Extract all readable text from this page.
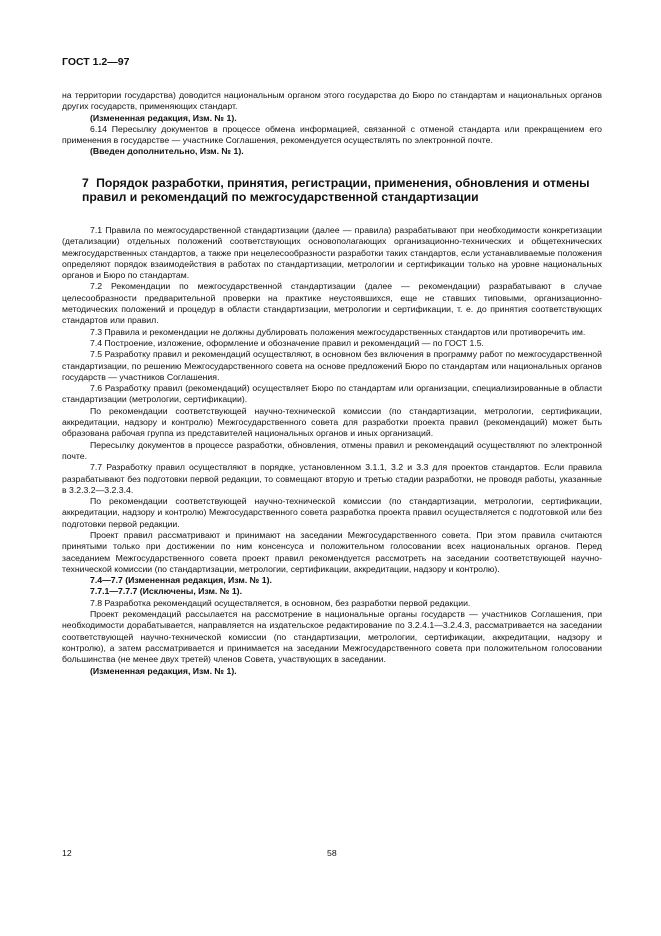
ГОСТ 1.2—97

на территории государства) доводится национальным органом этого государства до Бюро по стандартам и национальных органов других государств, применяющих стандарт.

(Измененная редакция, Изм. № 1).

6.14 Пересылку документов в процессе обмена информацией, связанной с отменой стандарта или прекращением его применения в государстве — участнике Соглашения, рекомендуется осуществлять по электронной почте.

(Введен дополнительно, Изм. № 1).

7 Порядок разработки, принятия, регистрации, применения, обновления и отмены правил и рекомендаций по межгосударственной стандартизации

7.1 Правила по межгосударственной стандартизации (далее — правила) разрабатывают при необходимости конкретизации (детализации) отдельных положений соответствующих основополагающих организационно-технических и общетехнических межгосударственных стандартов, а также при нецелесообразности разработки таких стандартов, если устанавливаемые положения определяют порядок взаимодействия в работах по стандартизации, метрологии и сертификации только на уровне национальных органов и Бюро по стандартам.

7.2 Рекомендации по межгосударственной стандартизации (далее — рекомендации) разрабатывают в случае целесообразности предварительной проверки на практике неустоявшихся, еще не ставших типовыми, организационно-методических положений и процедур в области стандартизации, метрологии и сертификации, т. е. до принятия соответствующих стандартов или правил.

7.3 Правила и рекомендации не должны дублировать положения межгосударственных стандартов или противоречить им.

7.4 Построение, изложение, оформление и обозначение правил и рекомендаций — по ГОСТ 1.5.

7.5 Разработку правил и рекомендаций осуществляют, в основном без включения в программу работ по межгосударственной стандартизации, по решению Межгосударственного совета на основе предложений Бюро по стандартам или национальных органов государств — участников Соглашения.

7.6 Разработку правил (рекомендаций) осуществляет Бюро по стандартам или организации, специализированные в области стандартизации (метрологии, сертификации).

По рекомендации соответствующей научно-технической комиссии (по стандартизации, метрологии, сертификации, аккредитации, надзору и контролю) Межгосударственного совета для разработки проекта правил (рекомендаций) может быть образована рабочая группа из представителей национальных органов и иных организаций.

Пересылку документов в процессе разработки, обновления, отмены правил и рекомендаций осуществляют по электронной почте.

7.7 Разработку правил осуществляют в порядке, установленном 3.1.1, 3.2 и 3.3 для проектов стандартов. Если правила разрабатывают без подготовки первой редакции, то совмещают вторую и третью стадии разработки, не проводя работы, указанные в 3.2.3.2—3.2.3.4.

По рекомендации соответствующей научно-технической комиссии (по стандартизации, метрологии, сертификации, аккредитации, надзору и контролю) Межгосударственного совета разработка проекта правил осуществляется с подготовкой или без подготовки первой редакции.

Проект правил рассматривают и принимают на заседании Межгосударственного совета. При этом правила считаются принятыми только при достижении по ним консенсуса и положительном голосовании всех национальных органов. Перед заседанием Межгосударственного совета проект правил рекомендуется рассмотреть на заседании соответствующей научно-технической комиссии (по стандартизации, метрологии, сертификации, аккредитации, надзору и контролю).

7.4—7.7 (Измененная редакция, Изм. № 1).

7.7.1—7.7.7 (Исключены, Изм. № 1).

7.8 Разработка рекомендаций осуществляется, в основном, без разработки первой редакции.

Проект рекомендаций рассылается на рассмотрение в национальные органы государств — участников Соглашения, при необходимости дорабатывается, направляется на издательское редактирование по 3.2.4.1—3.2.4.3, рассматривается на заседании соответствующей научно-технической комиссии (по стандартизации, метрологии, сертификации, аккредитации, надзору и контролю), а затем рассматривается и принимается на заседании Межгосударственного совета при положительном голосовании большинства (не менее двух третей) членов Совета, участвующих в заседании.

(Измененная редакция, Изм. № 1).

12	58
